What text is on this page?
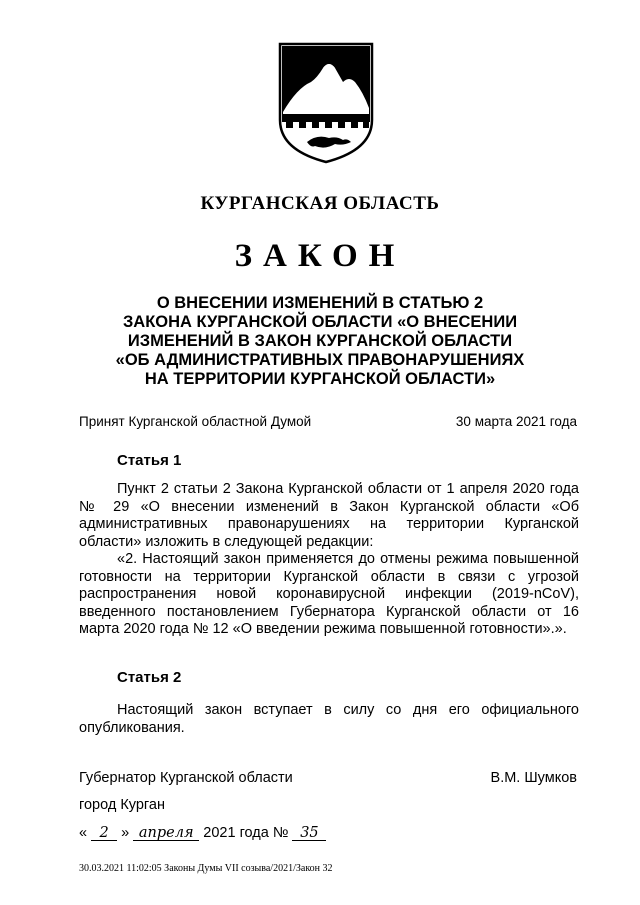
КУРГАНСКАЯ ОБЛАСТЬ
ЗАКОН
О ВНЕСЕНИИ ИЗМЕНЕНИЙ В СТАТЬЮ 2
ЗАКОНА КУРГАНСКОЙ ОБЛАСТИ «О ВНЕСЕНИИ
ИЗМЕНЕНИЙ В ЗАКОН КУРГАНСКОЙ ОБЛАСТИ
«ОБ АДМИНИСТРАТИВНЫХ ПРАВОНАРУШЕНИЯХ
НА ТЕРРИТОРИИ КУРГАНСКОЙ ОБЛАСТИ»
Принят Курганской областной Думой	30 марта 2021 года
Статья 1

Пункт 2 статьи 2 Закона Курганской области от 1 апреля 2020 года № 29 «О внесении изменений в Закон Курганской области «Об административных правонарушениях на территории Курганской области» изложить в следующей редакции:

«2. Настоящий закон применяется до отмены режима повышенной готовности на территории Курганской области в связи с угрозой распространения новой коронавирусной инфекции (2019-nCoV), введенного постановлением Губернатора Курганской области от 16 марта 2020 года № 12 «О введении режима повышенной готовности».».

Статья 2

Настоящий закон вступает в силу со дня его официального опубликования.

Губернатор Курганской области	В.М. Шумков
город Курган
« 2 » апреля 2021 года № 35
30.03.2021 11:02:05 Законы Думы VII созыва/2021/Закон 32
